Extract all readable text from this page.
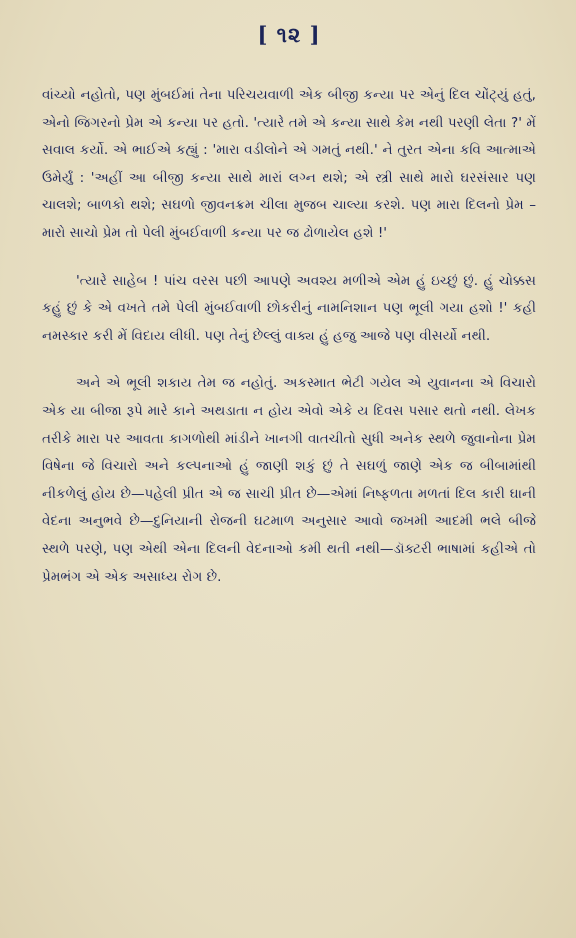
[ ૧૨ ]

વાંચ્યો નહોતો, પણ મુંબઈમાં તેના પરિચયવાળી એક બીજી કન્યા પર એનું દિલ ચોંટ્યું હતું, એનો જિગરનો પ્રેમ એ કન્યા પર હતો. 'ત્યારે તમે એ કન્યા સાથે કેમ નથી પરણી લેતા ?' મેં સવાલ કર્યો. એ ભાઈએ કહ્યું : 'મારા વડીલોને એ ગમતું નથી.' ને તુરત એના કવિ આત્માએ ઉમેર્યું : 'અહીં આ બીજી કન્યા સાથે મારાં લગ્ન થશે; એ સ્ત્રી સાથે મારો ઘરસંસાર પણ ચાલશે; બાળકો થશે; સઘળો જીવનક્રમ ચીલા મુજબ ચાલ્યા કરશે. પણ મારા દિલનો પ્રેમ – મારો સાચો પ્રેમ તો પેલી મુંબઈવાળી કન્યા પર જ ઢોળાયેલ હશે !'

'ત્યારે સાહેબ ! પાંચ વરસ પછી આપણે અવશ્ય મળીએ એમ હું ઇચ્છું છું. હું ચોક્કસ કહું છું કે એ વખતે તમે પેલી મુંબઈવાળી છોકરીનું નામનિશાન પણ ભૂલી ગયા હશો !' કહી નમસ્કાર કરી મેં વિદાય લીધી. પણ તેનું છેલ્લું વાક્ય હું હજુ આજે પણ વીસર્યો નથી.

અને એ ભૂલી શકાય તેમ જ નહોતું. અકસ્માત ભેટી ગયેલ એ યુવાનના એ વિચારો એક યા બીજા રૂપે મારે કાને અથડાતા ન હોય એવો એકે ય દિવસ પસાર થતો નથી. લેખક તરીકે મારા પર આવતા કાગળોથી માંડીને ખાનગી વાતચીતો સુધી અનેક સ્થળે જુવાનોના પ્રેમ વિષેના જે વિચારો અને કલ્પનાઓ હું જાણી શકું છું તે સઘળું જાણે એક જ બીબામાંથી નીકળેલું હોય છે—પહેલી પ્રીત એ જ સાચી પ્રીત છે—એમાં નિષ્ફળતા મળતાં દિલ કારી ઘાની વેદના અનુભવે છે—દુનિયાની રોજની ઘટમાળ અનુસાર આવો જખમી આદમી ભલે બીજે સ્થળે પરણે, પણ એથી એના દિલની વેદનાઓ કમી થતી નથી—ડૉક્ટરી ભાષામાં કહીએ તો પ્રેમભંગ એ એક અસાધ્ય રોગ છે.
